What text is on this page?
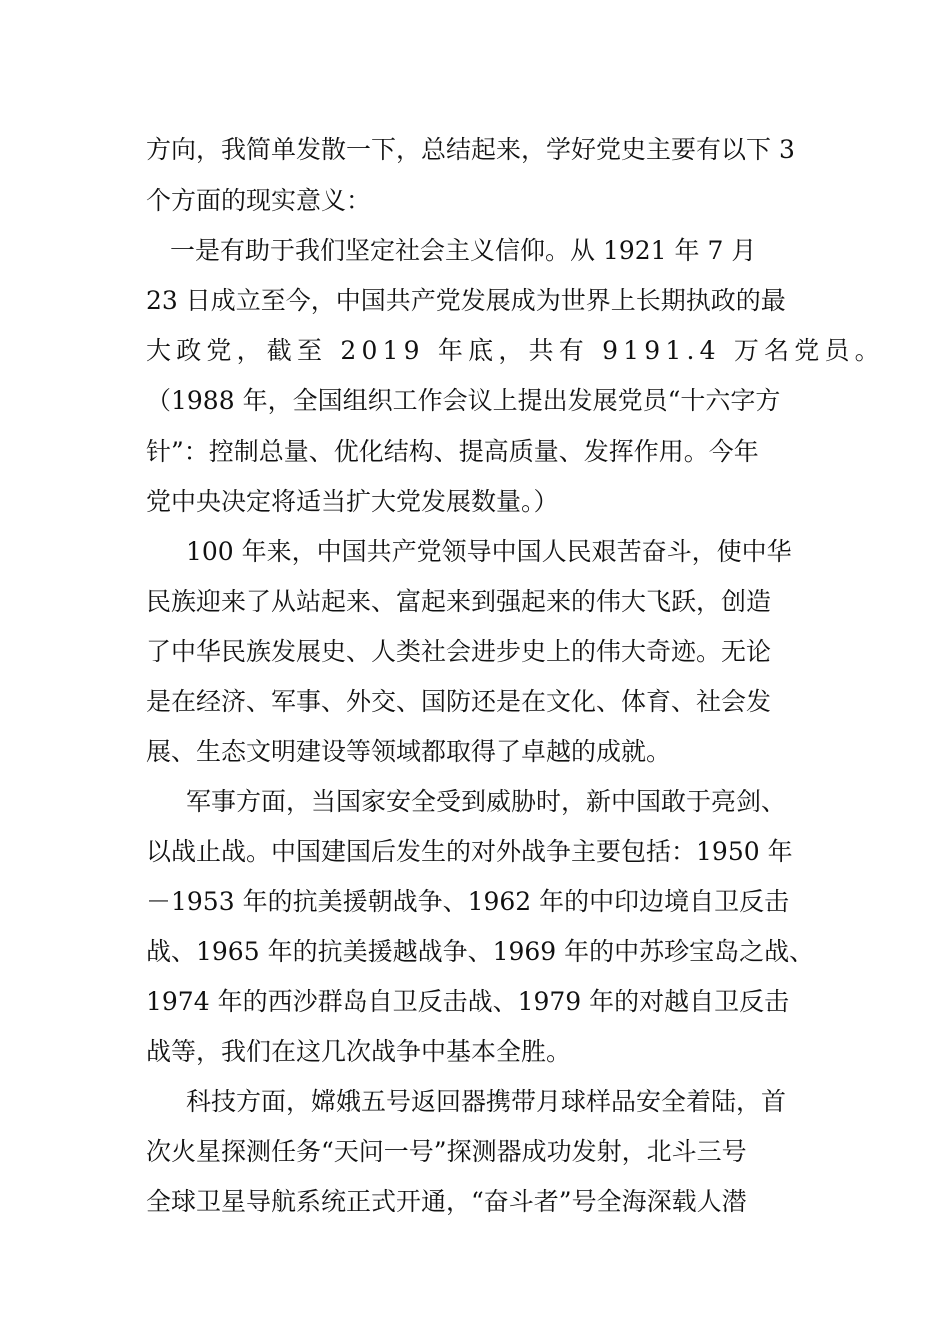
方向，我简单发散一下，总结起来，学好党史主要有以下 3
个方面的现实意义：
一是有助于我们坚定社会主义信仰。从 1921 年 7 月
23 日成立至今，中国共产党发展成为世界上长期执政的最
大政党，截至 2019 年底，共有 9191.4 万名党员。
（1988 年，全国组织工作会议上提出发展党员“十六字方
针”：控制总量、优化结构、提高质量、发挥作用。今年
党中央决定将适当扩大党发展数量。）
100 年来，中国共产党领导中国人民艰苦奋斗，使中华
民族迎来了从站起来、富起来到强起来的伟大飞跃，创造
了中华民族发展史、人类社会进步史上的伟大奇迹。无论
是在经济、军事、外交、国防还是在文化、体育、社会发
展、生态文明建设等领域都取得了卓越的成就。
军事方面，当国家安全受到威胁时，新中国敢于亮剑、
以战止战。中国建国后发生的对外战争主要包括：1950 年
－1953 年的抗美援朝战争、1962 年的中印边境自卫反击
战、1965 年的抗美援越战争、1969 年的中苏珍宝岛之战、
1974 年的西沙群岛自卫反击战、1979 年的对越自卫反击
战等，我们在这几次战争中基本全胜。
科技方面，嫦娥五号返回器携带月球样品安全着陆，首
次火星探测任务“天问一号”探测器成功发射，北斗三号
全球卫星导航系统正式开通，“奋斗者”号全海深载人潜
